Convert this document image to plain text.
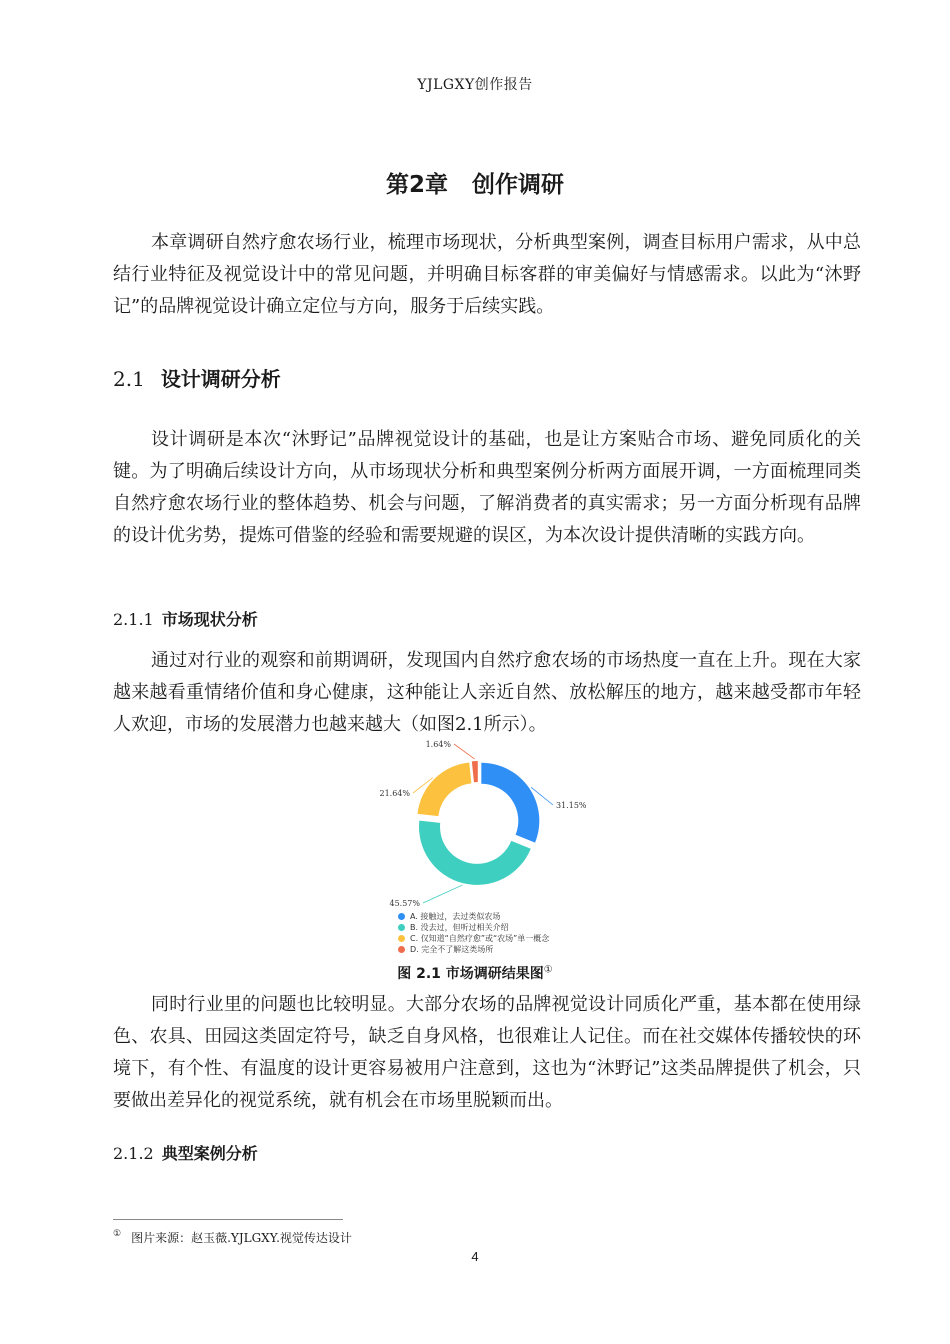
YJLGXY创作报告
第2章 创作调研

本章调研自然疗愈农场行业，梳理市场现状，分析典型案例，调查目标用户需求，从中总结行业特征及视觉设计中的常见问题，并明确目标客群的审美偏好与情感需求。以此为“沐野记”的品牌视觉设计确立定位与方向，服务于后续实践。

2.1 设计调研分析

设计调研是本次“沐野记”品牌视觉设计的基础，也是让方案贴合市场、避免同质化的关键。为了明确后续设计方向，从市场现状分析和典型案例分析两方面展开调，一方面梳理同类自然疗愈农场行业的整体趋势、机会与问题，了解消费者的真实需求；另一方面分析现有品牌的设计优劣势，提炼可借鉴的经验和需要规避的误区，为本次设计提供清晰的实践方向。

2.1.1 市场现状分析

通过对行业的观察和前期调研，发现国内自然疗愈农场的市场热度一直在上升。现在大家越来越看重情绪价值和身心健康，这种能让人亲近自然、放松解压的地方，越来越受都市年轻人欢迎，市场的发展潜力也越来越大（如图2.1所示）。

31.15%
45.57%
21.64%
1.64%
A. 接触过，去过类似农场
B. 没去过，但听过相关介绍
C. 仅知道“自然疗愈”或“农场”单一概念
D. 完全不了解这类场所
图 2.1 市场调研结果图①

同时行业里的问题也比较明显。大部分农场的品牌视觉设计同质化严重，基本都在使用绿色、农具、田园这类固定符号，缺乏自身风格，也很难让人记住。而在社交媒体传播较快的环境下，有个性、有温度的设计更容易被用户注意到，这也为“沐野记”这类品牌提供了机会，只要做出差异化的视觉系统，就有机会在市场里脱颖而出。

2.1.2 典型案例分析
① 图片来源：赵玉薇.YJLGXY.视觉传达设计
4
